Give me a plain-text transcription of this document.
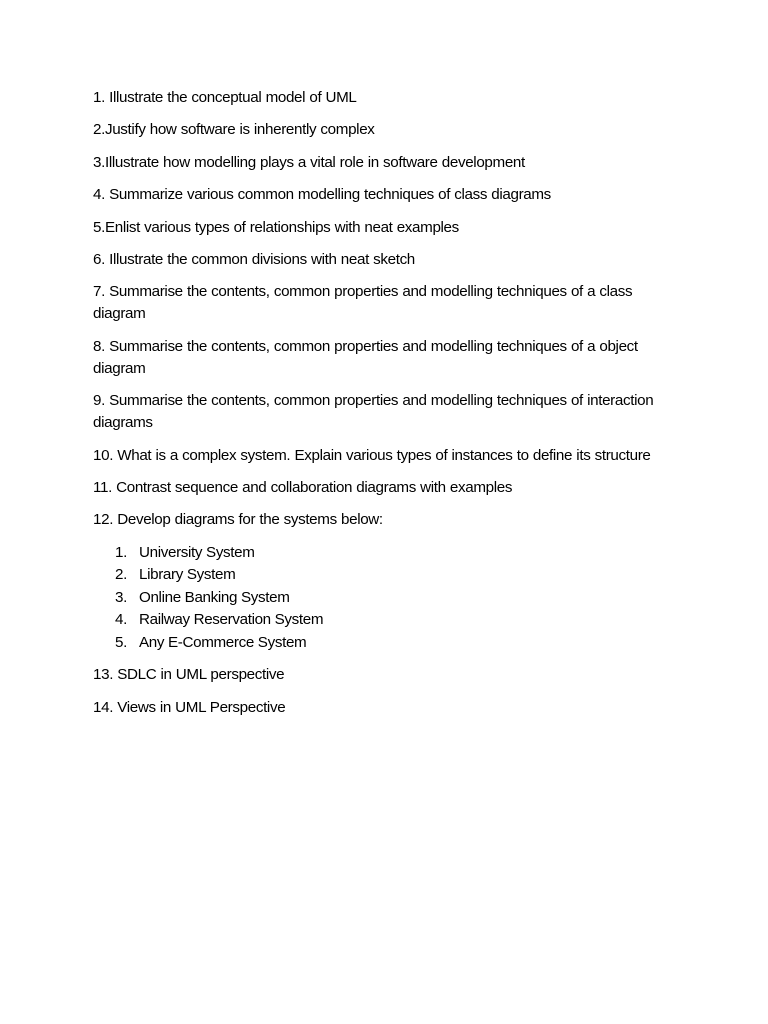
1. Illustrate the conceptual model of UML

2.Justify how software is inherently complex

3.Illustrate how modelling plays a vital role in software development

4. Summarize various common modelling techniques of class diagrams

5.Enlist various types of relationships with neat examples

6. Illustrate the common divisions with neat sketch

7. Summarise the contents, common properties and modelling techniques of a class diagram

8. Summarise the contents, common properties and modelling techniques of a object diagram

9. Summarise the contents, common properties and modelling techniques of interaction diagrams

10. What is a complex system. Explain various types of instances to define its structure

11. Contrast sequence and collaboration diagrams with examples

12. Develop diagrams for the systems below:

1. University System
2. Library System
3. Online Banking System
4. Railway Reservation System
5. Any E-Commerce System

13. SDLC in UML perspective

14. Views in UML Perspective
